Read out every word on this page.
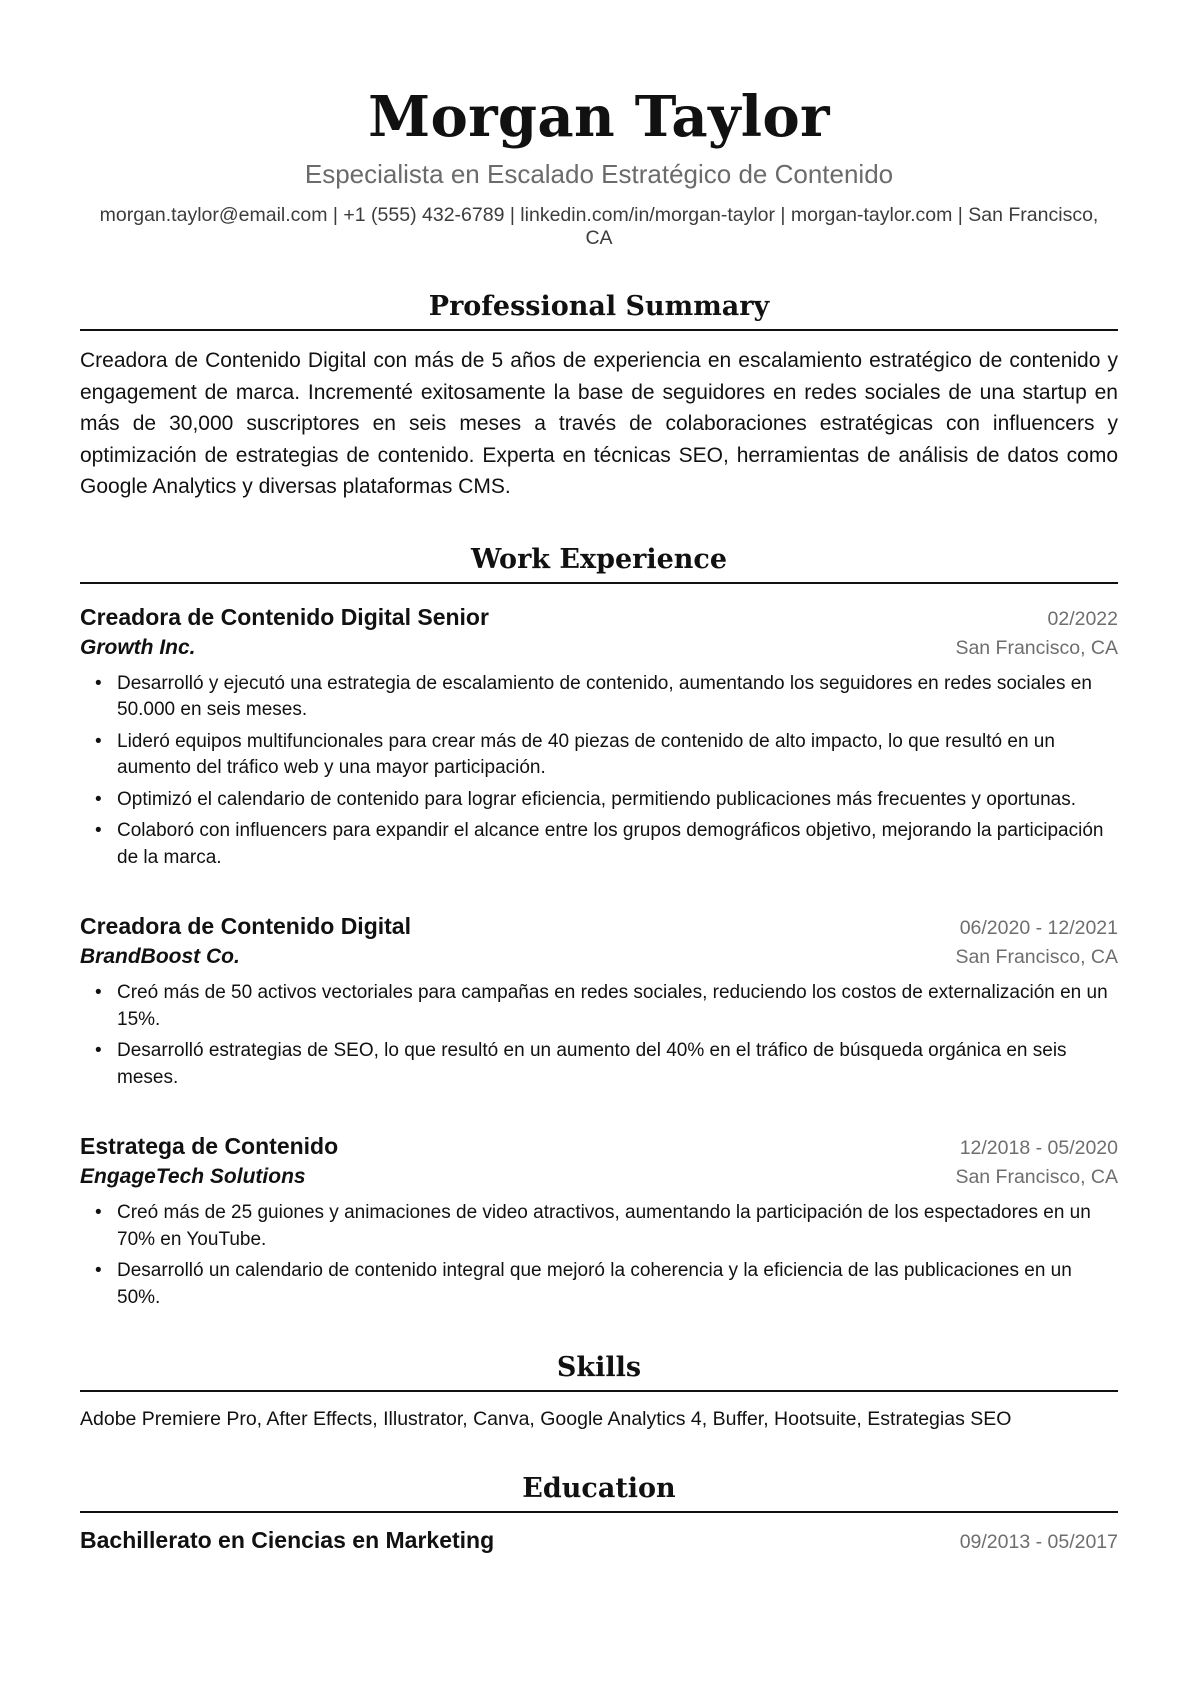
Morgan Taylor
Especialista en Escalado Estratégico de Contenido
morgan.taylor@email.com | +1 (555) 432-6789 | linkedin.com/in/morgan-taylor | morgan-taylor.com | San Francisco, CA
Professional Summary
Creadora de Contenido Digital con más de 5 años de experiencia en escalamiento estratégico de contenido y engagement de marca. Incrementé exitosamente la base de seguidores en redes sociales de una startup en más de 30,000 suscriptores en seis meses a través de colaboraciones estratégicas con influencers y optimización de estrategias de contenido. Experta en técnicas SEO, herramientas de análisis de datos como Google Analytics y diversas plataformas CMS.
Work Experience
Creadora de Contenido Digital Senior	02/2022
Growth Inc.	San Francisco, CA
• Desarrolló y ejecutó una estrategia de escalamiento de contenido, aumentando los seguidores en redes sociales en 50.000 en seis meses.
• Lideró equipos multifuncionales para crear más de 40 piezas de contenido de alto impacto, lo que resultó en un aumento del tráfico web y una mayor participación.
• Optimizó el calendario de contenido para lograr eficiencia, permitiendo publicaciones más frecuentes y oportunas.
• Colaboró con influencers para expandir el alcance entre los grupos demográficos objetivo, mejorando la participación de la marca.
Creadora de Contenido Digital	06/2020 - 12/2021
BrandBoost Co.	San Francisco, CA
• Creó más de 50 activos vectoriales para campañas en redes sociales, reduciendo los costos de externalización en un 15%.
• Desarrolló estrategias de SEO, lo que resultó en un aumento del 40% en el tráfico de búsqueda orgánica en seis meses.
Estratega de Contenido	12/2018 - 05/2020
EngageTech Solutions	San Francisco, CA
• Creó más de 25 guiones y animaciones de video atractivos, aumentando la participación de los espectadores en un 70% en YouTube.
• Desarrolló un calendario de contenido integral que mejoró la coherencia y la eficiencia de las publicaciones en un 50%.
Skills
Adobe Premiere Pro, After Effects, Illustrator, Canva, Google Analytics 4, Buffer, Hootsuite, Estrategias SEO
Education
Bachillerato en Ciencias en Marketing	09/2013 - 05/2017
